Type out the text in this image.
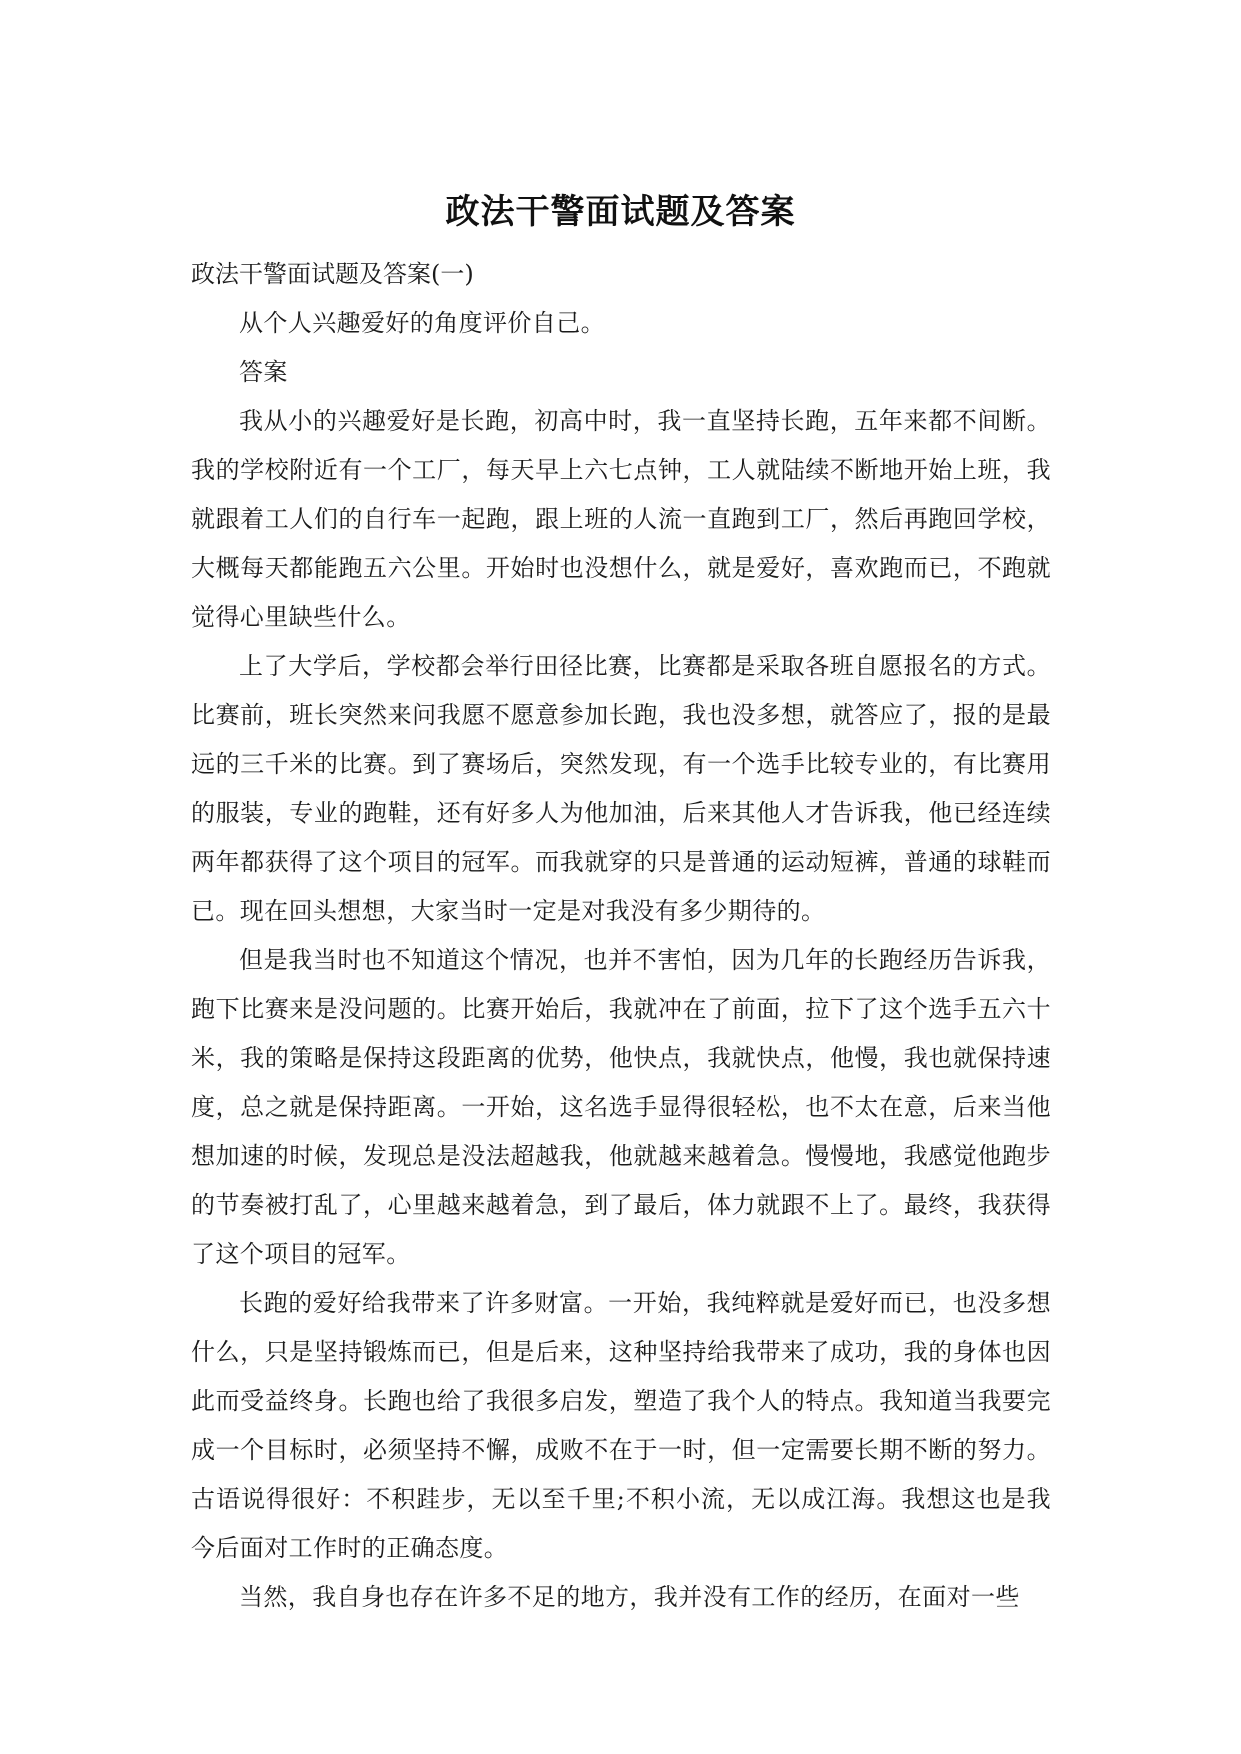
政法干警面试题及答案

政法干警面试题及答案(一)

从个人兴趣爱好的角度评价自己。

答案

我从小的兴趣爱好是长跑，初高中时，我一直坚持长跑，五年来都不间断。我的学校附近有一个工厂，每天早上六七点钟，工人就陆续不断地开始上班，我就跟着工人们的自行车一起跑，跟上班的人流一直跑到工厂，然后再跑回学校，大概每天都能跑五六公里。开始时也没想什么，就是爱好，喜欢跑而已，不跑就觉得心里缺些什么。

上了大学后，学校都会举行田径比赛，比赛都是采取各班自愿报名的方式。比赛前，班长突然来问我愿不愿意参加长跑，我也没多想，就答应了，报的是最远的三千米的比赛。到了赛场后，突然发现，有一个选手比较专业的，有比赛用的服装，专业的跑鞋，还有好多人为他加油，后来其他人才告诉我，他已经连续两年都获得了这个项目的冠军。而我就穿的只是普通的运动短裤，普通的球鞋而已。现在回头想想，大家当时一定是对我没有多少期待的。

但是我当时也不知道这个情况，也并不害怕，因为几年的长跑经历告诉我，跑下比赛来是没问题的。比赛开始后，我就冲在了前面，拉下了这个选手五六十米，我的策略是保持这段距离的优势，他快点，我就快点，他慢，我也就保持速度，总之就是保持距离。一开始，这名选手显得很轻松，也不太在意，后来当他想加速的时候，发现总是没法超越我，他就越来越着急。慢慢地，我感觉他跑步的节奏被打乱了，心里越来越着急，到了最后，体力就跟不上了。最终，我获得了这个项目的冠军。

长跑的爱好给我带来了许多财富。一开始，我纯粹就是爱好而已，也没多想什么，只是坚持锻炼而已，但是后来，这种坚持给我带来了成功，我的身体也因此而受益终身。长跑也给了我很多启发，塑造了我个人的特点。我知道当我要完成一个目标时，必须坚持不懈，成败不在于一时，但一定需要长期不断的努力。古语说得很好：不积跬步，无以至千里;不积小流，无以成江海。我想这也是我今后面对工作时的正确态度。

当然，我自身也存在许多不足的地方，我并没有工作的经历，在面对一些
